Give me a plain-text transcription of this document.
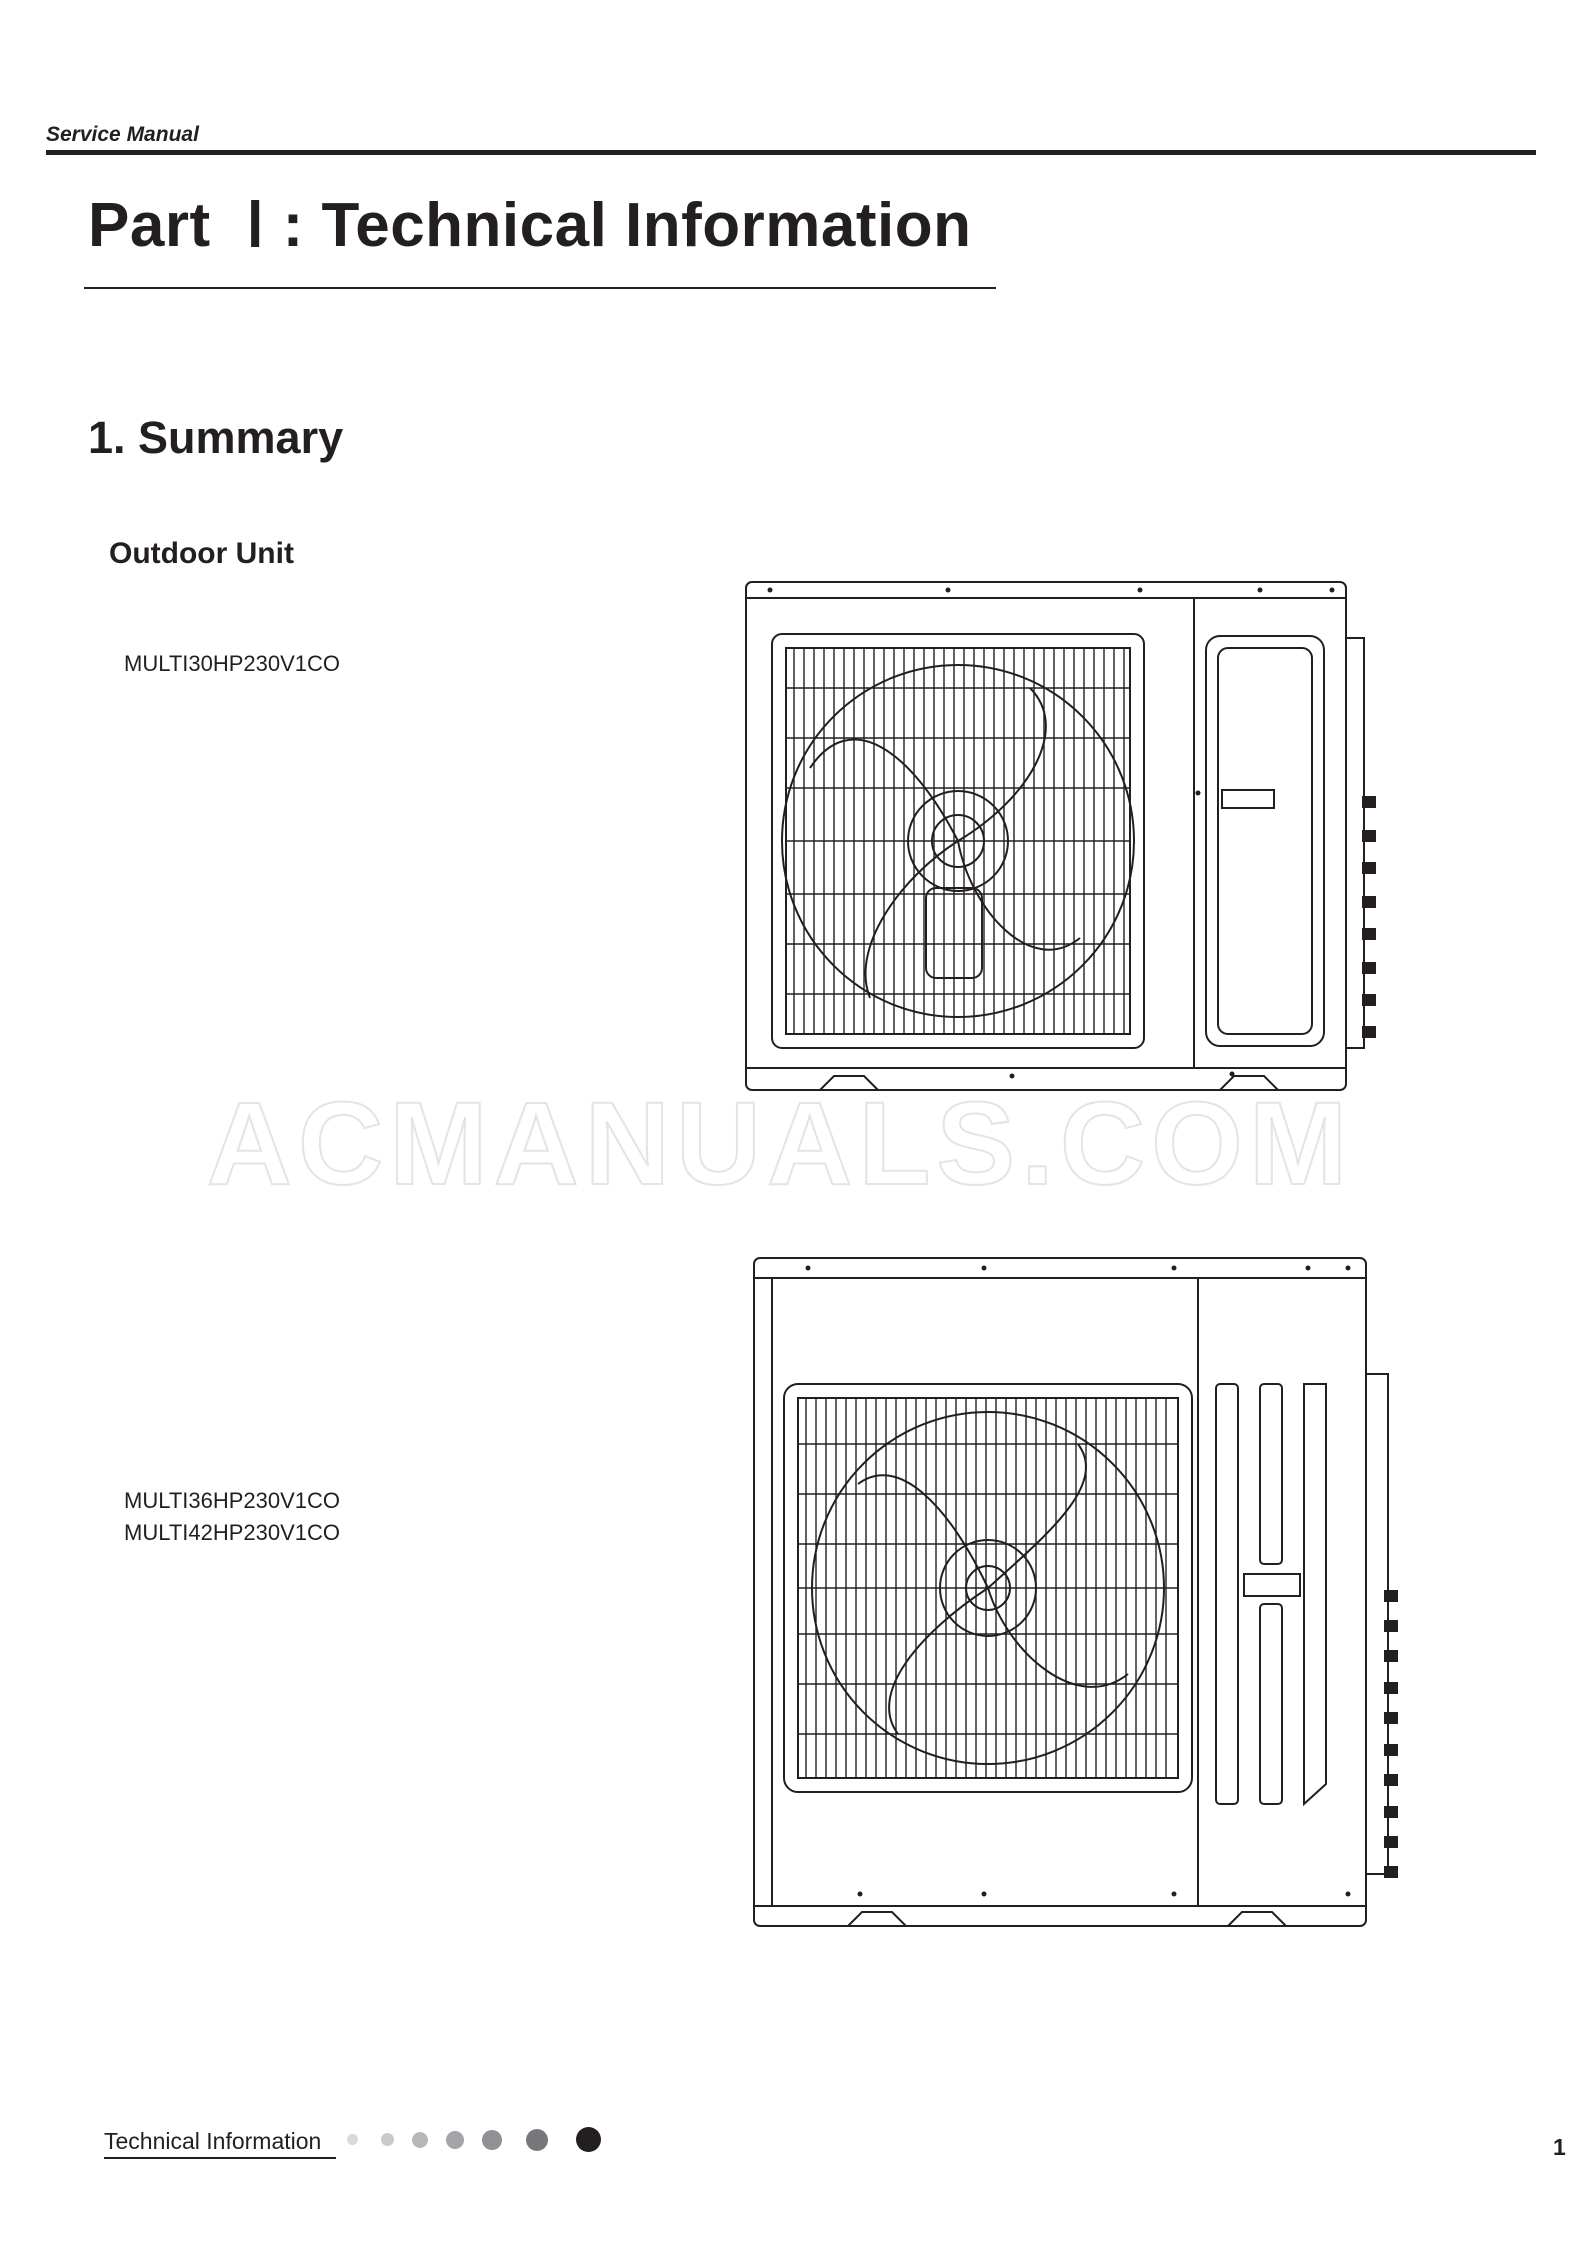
Service Manual
Part  Ⅰ : Technical Information
1. Summary
Outdoor Unit
MULTI30HP230V1CO
MULTI36HP230V1CO
MULTI42HP230V1CO
ACMANUALS.COM
Technical Information	1
